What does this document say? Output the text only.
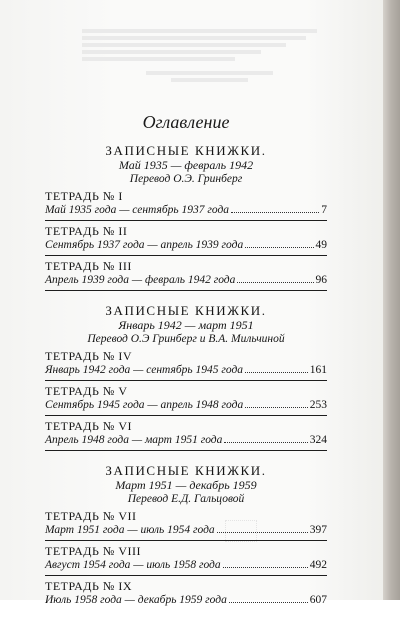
Оглавление
ЗАПИСНЫЕ КНИЖКИ.
Май 1935 — февраль 1942
Перевод О.Э. Гринберг
ТЕТРАДЬ № I
Май 1935 года — сентябрь 1937 года	7
ТЕТРАДЬ № II
Сентябрь 1937 года — апрель 1939 года	49
ТЕТРАДЬ № III
Апрель 1939 года — февраль 1942 года	96
ЗАПИСНЫЕ КНИЖКИ.
Январь 1942 — март 1951
Перевод О.Э Гринберг и В.А. Мильчиной
ТЕТРАДЬ № IV
Январь 1942 года — сентябрь 1945 года	161
ТЕТРАДЬ № V
Сентябрь 1945 года — апрель 1948 года	253
ТЕТРАДЬ № VI
Апрель 1948 года — март 1951 года	324
ЗАПИСНЫЕ КНИЖКИ.
Март 1951 — декабрь 1959
Перевод Е.Д. Гальцовой
ТЕТРАДЬ № VII
Март 1951 года — июль 1954 года	397
ТЕТРАДЬ № VIII
Август 1954 года — июль 1958 года	492
ТЕТРАДЬ № IX
Июль 1958 года — декабрь 1959 года	607
